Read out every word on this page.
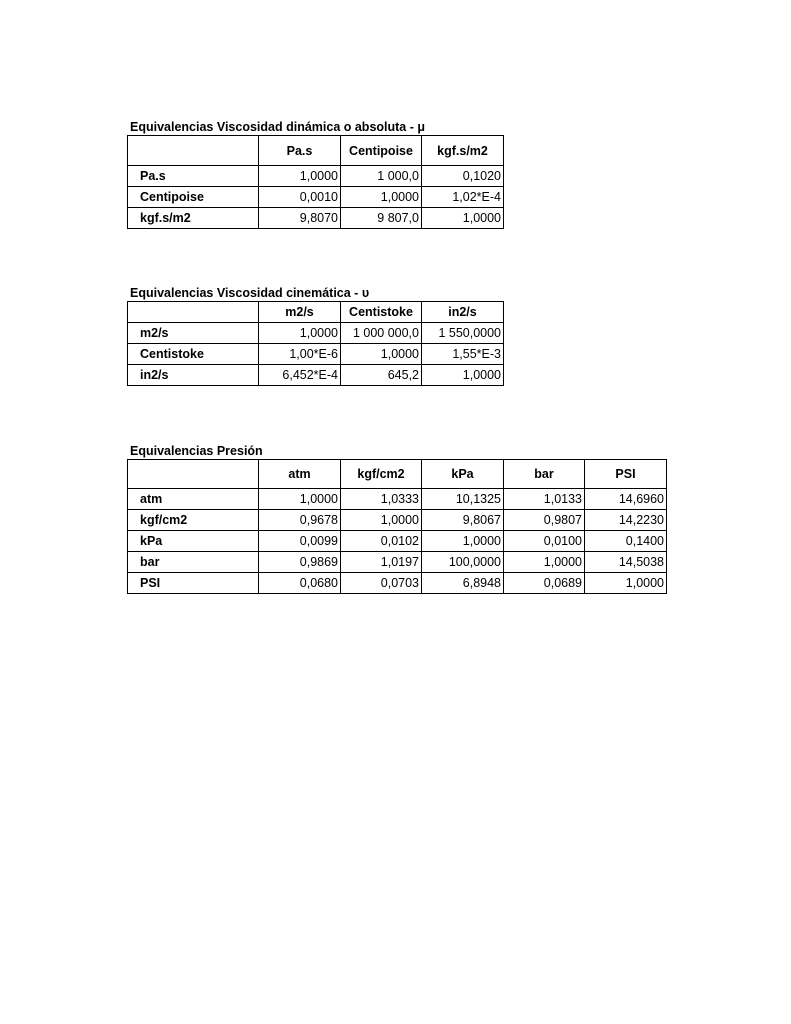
Equivalencias Viscosidad dinámica o absoluta - μ
	Pa.s	Centipoise	kgf.s/m2
Pa.s	1,0000	1 000,0	0,1020
Centipoise	0,0010	1,0000	1,02*E-4
kgf.s/m2	9,8070	9 807,0	1,0000
Equivalencias Viscosidad cinemática - υ
	m2/s	Centistoke	in2/s
m2/s	1,0000	1 000 000,0	1 550,0000
Centistoke	1,00*E-6	1,0000	1,55*E-3
in2/s	6,452*E-4	645,2	1,0000
Equivalencias Presión
	atm	kgf/cm2	kPa	bar	PSI
atm	1,0000	1,0333	10,1325	1,0133	14,6960
kgf/cm2	0,9678	1,0000	9,8067	0,9807	14,2230
kPa	0,0099	0,0102	1,0000	0,0100	0,1400
bar	0,9869	1,0197	100,0000	1,0000	14,5038
PSI	0,0680	0,0703	6,8948	0,0689	1,0000
